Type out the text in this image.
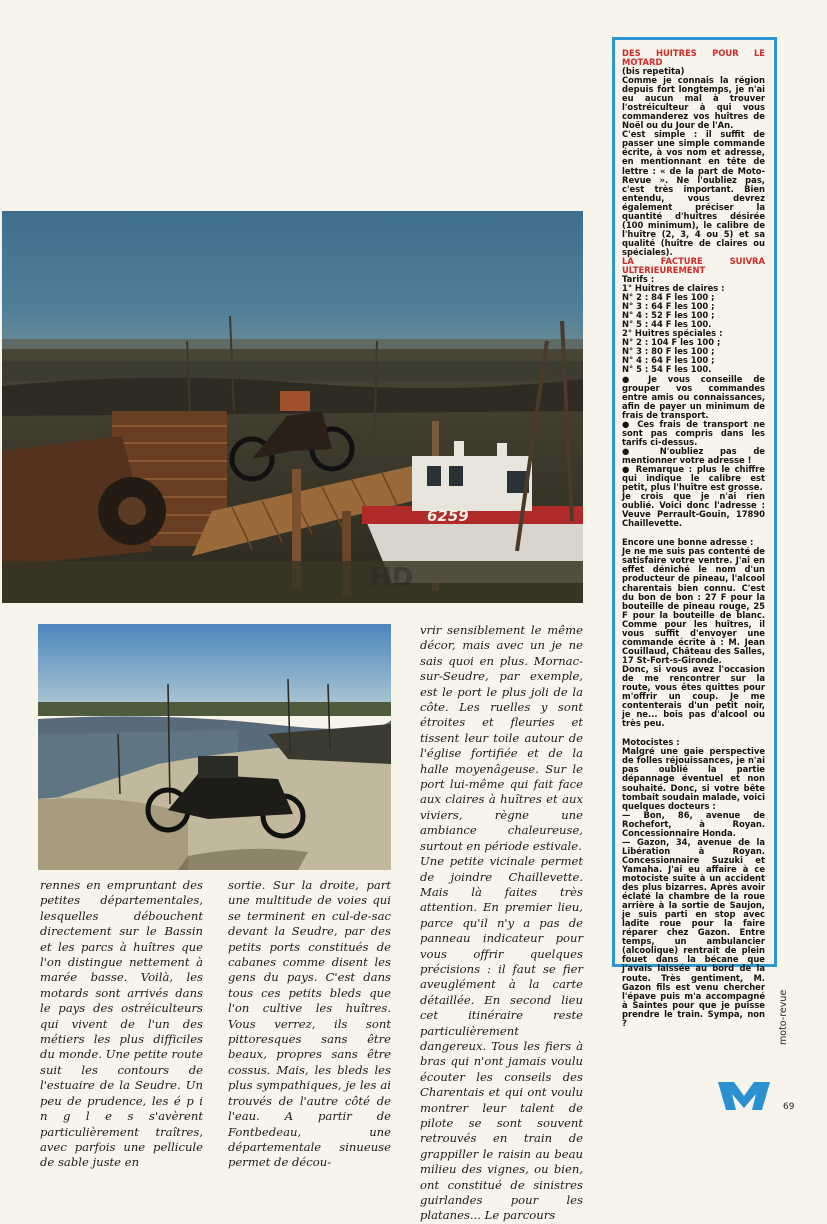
6259
HD

rennes en empruntant des petites départementales, lesquelles débouchent directement sur le Bassin et les parcs à huîtres que l'on distingue nettement à marée basse. Voilà, les motards sont arrivés dans le pays des ostréiculteurs qui vivent de l'un des métiers les plus difficiles du monde. Une petite route suit les contours de l'estuaire de la Seudre. Un peu de prudence, les é p i n g l e s s'avèrent particulièrement traîtres, avec parfois une pellicule de sable juste en

sortie. Sur la droite, part une multitude de voies qui se terminent en cul-de-sac devant la Seudre, par des petits ports constitués de cabanes comme disent les gens du pays. C'est dans tous ces petits bleds que l'on cultive les huîtres. Vous verrez, ils sont pittoresques sans être beaux, propres sans être cossus. Mais, les bleds les plus sympathiques, je les ai trouvés de l'autre côté de l'eau. A partir de Fontbedeau, une départementale sinueuse permet de décou-

vrir sensiblement le même décor, mais avec un je ne sais quoi en plus. Mornac-sur-Seudre, par exemple, est le port le plus joli de la côte. Les ruelles y sont étroites et fleuries et tissent leur toile autour de l'église fortifiée et de la halle moyenâgeuse. Sur le port lui-même qui fait face aux claires à huîtres et aux viviers, règne une ambiance chaleureuse, surtout en période estivale.

Une petite vicinale permet de joindre Chaillevette. Mais là faites très attention. En premier lieu, parce qu'il n'y a pas de panneau indicateur pour vous offrir quelques précisions : il faut se fier aveuglément à la carte détaillée. En second lieu cet itinéraire reste particulièrement dangereux. Tous les fiers à bras qui n'ont jamais voulu écouter les conseils des Charentais et qui ont voulu montrer leur talent de pilote se sont souvent retrouvés en train de grappiller le raisin au beau milieu des vignes, ou bien, ont constitué de sinistres guirlandes pour les platanes... Le parcours

DES HUITRES POUR LE MOTARD

(bis repetita)

Comme je connais la région depuis fort longtemps, je n'ai eu aucun mal à trouver l'ostréiculteur à qui vous commanderez vos huîtres de Noël ou du Jour de l'An.

C'est simple : il suffit de passer une simple commande écrite, à vos nom et adresse, en mentionnant en tête de lettre : « de la part de Moto-Revue ». Ne l'oubliez pas, c'est très important. Bien entendu, vous devrez également préciser la quantité d'huîtres désirée (100 minimum), le calibre de l'huître (2, 3, 4 ou 5) et sa qualité (huître de claires ou spéciales).

LA FACTURE SUIVRA ULTERIEUREMENT

Tarifs :

1° Huitres de claires :

N° 2 : 84 F les 100 ;

N° 3 : 64 F les 100 ;

N° 4 : 52 F les 100 ;

N° 5 : 44 F les 100.

2° Huitres spéciales :

N° 2 : 104 F les 100 ;

N° 3 : 80 F les 100 ;

N° 4 : 64 F les 100 ;

N° 5 : 54 F les 100.

● Je vous conseille de grouper vos commandes entre amis ou connaissances, afin de payer un minimum de frais de transport.

● Ces frais de transport ne sont pas compris dans les tarifs ci-dessus.

● N'oubliez pas de mentionner votre adresse !

● Remarque : plus le chiffre qui indique le calibre est petit, plus l'huître est grosse.

Je crois que je n'ai rien oublié. Voici donc l'adresse : Veuve Perrault-Gouin, 17890 Chaillevette.

Encore une bonne adresse :

Je ne me suis pas contenté de satisfaire votre ventre. J'ai en effet déniché le nom d'un producteur de pineau, l'alcool charentais bien connu. C'est du bon de bon : 27 F pour la bouteille de pineau rouge, 25 F pour la bouteille de blanc. Comme pour les huîtres, il vous suffit d'envoyer une commande écrite à : M. Jean Couillaud, Château des Salles, 17 St-Fort-s-Gironde.

Donc, si vous avez l'occasion de me rencontrer sur la route, vous êtes quittes pour m'offrir un coup. Je me contenterais d'un petit noir, je ne... bois pas d'alcool ou très peu.

Motocistes :

Malgré une gaie perspective de folles réjouissances, je n'ai pas oublié la partie dépannage éventuel et non souhaité. Donc, si votre bête tombait soudain malade, voici quelques docteurs :

— Bon, 86, avenue de Rochefort, à Royan. Concessionnaire Honda.

— Gazon, 34, avenue de la Libération à Royan. Concessionnaire Suzuki et Yamaha. J'ai eu affaire à ce motociste suite à un accident des plus bizarres. Après avoir éclaté la chambre de la roue arrière à la sortie de Saujon, je suis parti en stop avec ladite roue pour la faire réparer chez Gazon. Entre temps, un ambulancier (alcoolique) rentrait de plein fouet dans la bécane que j'avais laissée au bord de la route. Très gentiment, M. Gazon fils est venu chercher l'épave puis m'a accompagné à Saintes pour que je puisse prendre le train. Sympa, non ?	moto-revue
69
